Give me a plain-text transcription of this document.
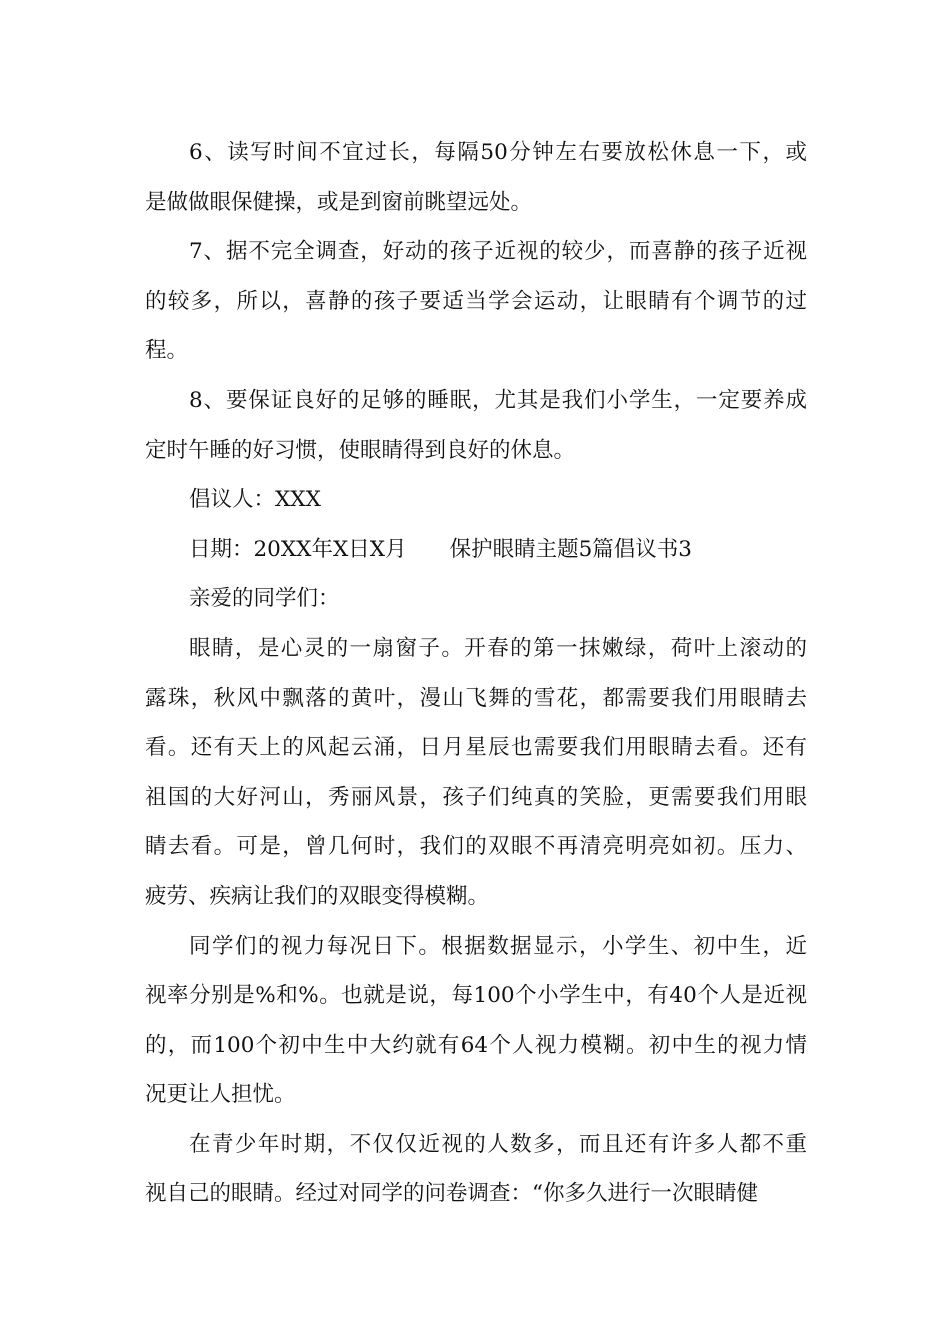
6、读写时间不宜过长，每隔50分钟左右要放松休息一下，或
是做做眼保健操，或是到窗前眺望远处。
7、据不完全调查，好动的孩子近视的较少，而喜静的孩子近视
的较多，所以，喜静的孩子要适当学会运动，让眼睛有个调节的过
程。
8、要保证良好的足够的睡眠，尤其是我们小学生，一定要养成
定时午睡的好习惯，使眼睛得到良好的休息。
倡议人：XXX
日期：20XX年X日X月　　保护眼睛主题5篇倡议书3
亲爱的同学们：
眼睛，是心灵的一扇窗子。开春的第一抹嫩绿，荷叶上滚动的
露珠，秋风中飘落的黄叶，漫山飞舞的雪花，都需要我们用眼睛去
看。还有天上的风起云涌，日月星辰也需要我们用眼睛去看。还有
祖国的大好河山，秀丽风景，孩子们纯真的笑脸，更需要我们用眼
睛去看。可是，曾几何时，我们的双眼不再清亮明亮如初。压力、
疲劳、疾病让我们的双眼变得模糊。
同学们的视力每况日下。根据数据显示，小学生、初中生，近
视率分别是%和%。也就是说，每100个小学生中，有40个人是近视
的，而100个初中生中大约就有64个人视力模糊。初中生的视力情
况更让人担忧。
在青少年时期，不仅仅近视的人数多，而且还有许多人都不重
视自己的眼睛。经过对同学的问卷调查：“你多久进行一次眼睛健
